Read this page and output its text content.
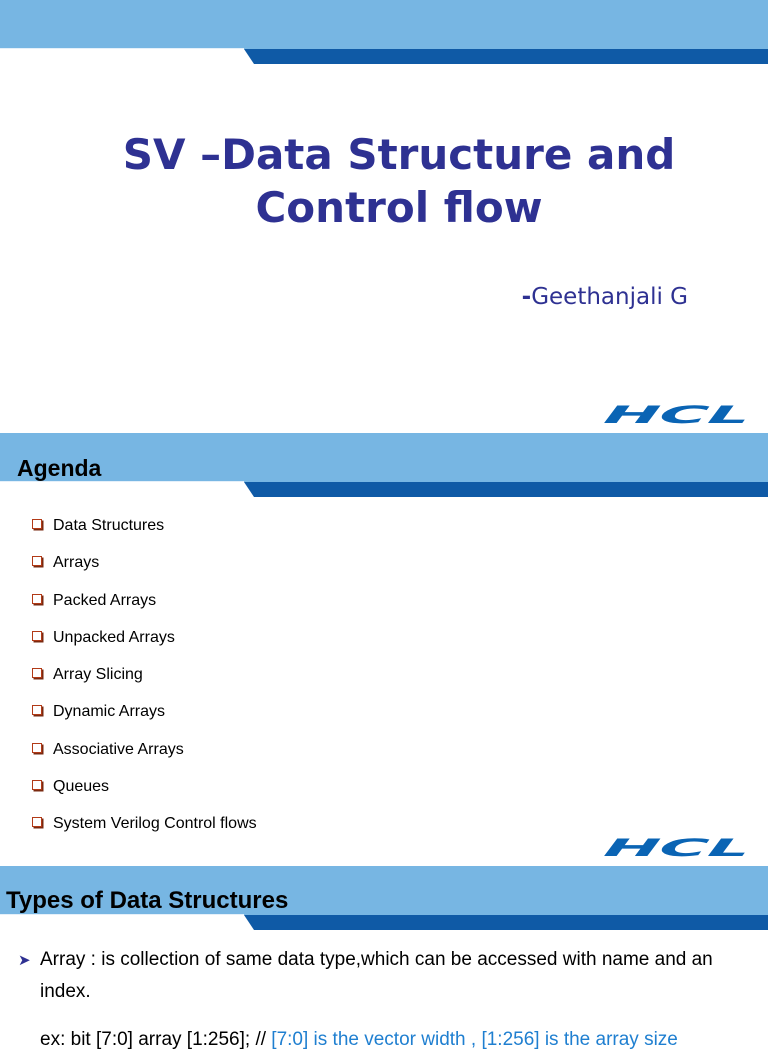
SV –Data Structure and
Control flow
-Geethanjali G
HCL
Agenda
Data Structures
Arrays
Packed Arrays
Unpacked Arrays
Array Slicing
Dynamic Arrays
Associative Arrays
Queues
System Verilog Control flows
HCL
Types of Data Structures
➤ Array : is collection of same data type,which can be accessed with name and an index.
ex: bit [7:0] array [1:256]; // [7:0] is the vector width , [1:256] is the array size
